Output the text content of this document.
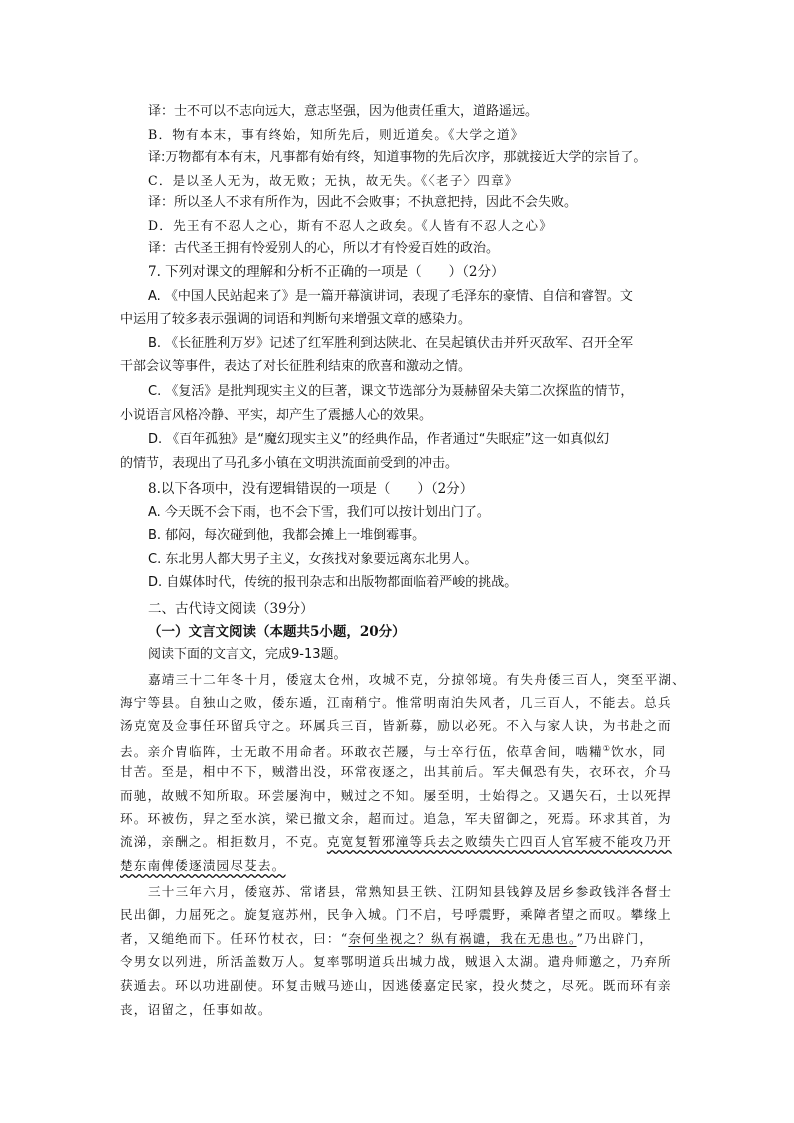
译：士不可以不志向远大，意志坚强，因为他责任重大，道路遥远。
B．物有本末，事有终始，知所先后，则近道矣。《大学之道》
译:万物都有本有末，凡事都有始有终，知道事物的先后次序，那就接近大学的宗旨了。
C．是以圣人无为，故无败；无执，故无失。《〈老子〉四章》
译：所以圣人不求有所作为，因此不会败事；不执意把持，因此不会失败。
D．先王有不忍人之心，斯有不忍人之政矣。《人皆有不忍人之心》
译：古代圣王拥有怜爱别人的心，所以才有怜爱百姓的政治。
7. 下列对课文的理解和分析不正确的一项是（　　）（2分）
A. 《中国人民站起来了》是一篇开幕演讲词，表现了毛泽东的豪情、自信和睿智。文
中运用了较多表示强调的词语和判断句来增强文章的感染力。
B. 《长征胜利万岁》记述了红军胜利到达陕北、在吴起镇伏击并歼灭敌军、召开全军
干部会议等事件，表达了对长征胜利结束的欣喜和激动之情。
C. 《复活》是批判现实主义的巨著，课文节选部分为聂赫留朵夫第二次探监的情节，
小说语言风格冷静、平实，却产生了震撼人心的效果。
D. 《百年孤独》是“魔幻现实主义”的经典作品，作者通过“失眠症”这一如真似幻
的情节，表现出了马孔多小镇在文明洪流面前受到的冲击。
8.以下各项中，没有逻辑错误的一项是（　　）（2分）
A. 今天既不会下雨，也不会下雪，我们可以按计划出门了。
B. 郁闷，每次碰到他，我都会摊上一堆倒霉事。
C. 东北男人都大男子主义，女孩找对象要远离东北男人。
D. 自媒体时代，传统的报刊杂志和出版物都面临着严峻的挑战。
二、古代诗文阅读（39分）
（一）文言文阅读（本题共5小题，20分）
阅读下面的文言文，完成9-13题。
嘉靖三十二年冬十月，倭寇太仓州，攻城不克，分掠邻境。有失舟倭三百人，突至平湖、
海宁等县。自独山之败，倭东遁，江南稍宁。惟常明南泊失风者，几三百人，不能去。总兵
汤克宽及佥事任环留兵守之。环属兵三百，皆新募，励以必死。不入与家人诀，为书赴之而
去。亲介胄临阵，士无敢不用命者。环敢衣芒屦，与士卒行伍，依草舍间，啮糒①饮水，同
甘苦。至是，相中不下，贼潜出没，环常夜逐之，出其前后。军夫佩恐有失，衣环衣，介马
而驰，故贼不知所取。环尝屡洵中，贼过之不知。屡至明，士始得之。又遇矢石，士以死捍
环。环被伤，舁之至水滨，梁已撤文余，超而过。追急，军夫留御之，死焉。环求其首，为
流涕，亲酬之。相拒数月，不克。克宽复暂邪潼等兵去之败绩失亡四百人官军疲不能攻乃开
楚东南俾倭逐渍园尽芟去。
三十三年六月，倭寇苏、常诸县，常熟知县王铁、江阴知县钱錞及居乡参政钱泮各督士
民出御，力屈死之。旋复寇苏州，民争入城。门不启，号呼震野，乘障者望之而叹。攀缘上
者，又缒绝而下。任环竹杖衣，曰：“奈何坐视之？纵有祸谴，我在无患也。”乃出辟门，
令男女以列进，所活盖数万人。复率鄂明道兵出城力战，贼退入太湖。遣舟师邀之，乃弃所
获遁去。环以功进副使。环复击贼马迹山，因逃倭嘉定民家，投火焚之，尽死。既而环有亲
丧，诏留之，任事如故。
